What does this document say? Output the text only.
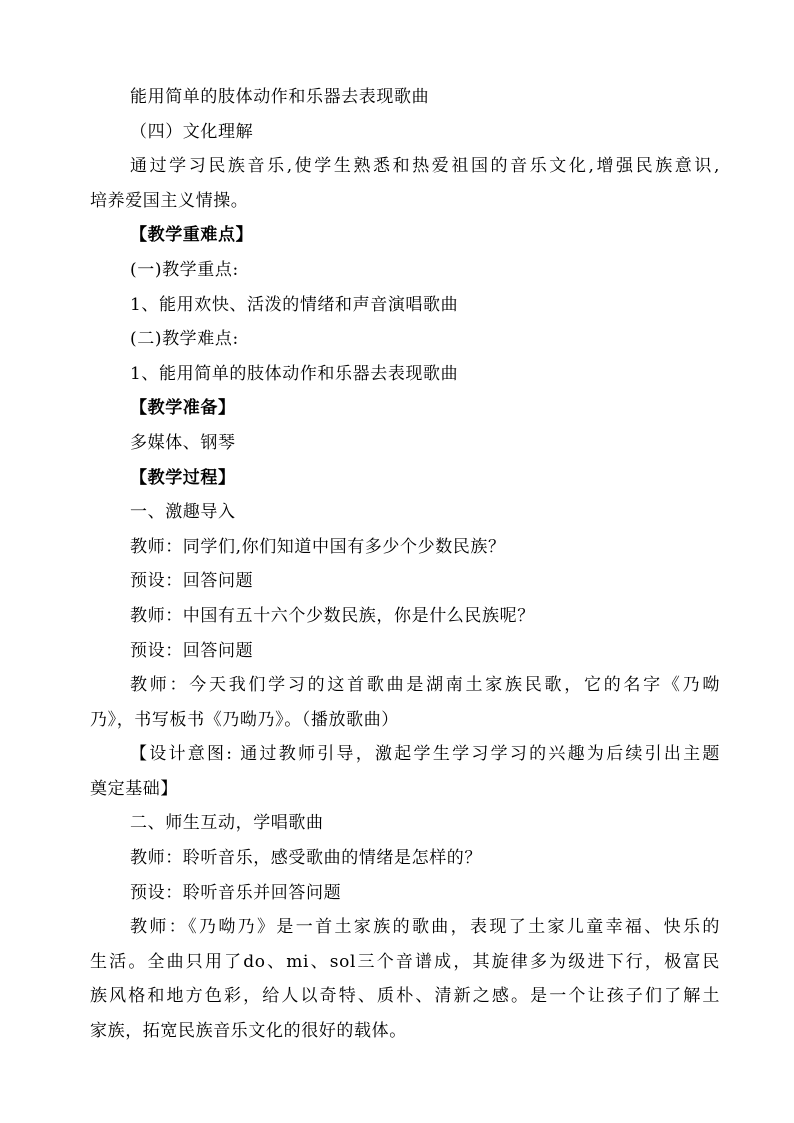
能用简单的肢体动作和乐器去表现歌曲
（四）文化理解
通过学习民族音乐,使学生熟悉和热爱祖国的音乐文化,增强民族意识,
培养爱国主义情操。
【教学重难点】
(一)教学重点:
1、能用欢快、活泼的情绪和声音演唱歌曲
(二)教学难点:
1、能用简单的肢体动作和乐器去表现歌曲
【教学准备】
多媒体、钢琴
【教学过程】
一、激趣导入
教师：同学们,你们知道中国有多少个少数民族？
预设：回答问题
教师：中国有五十六个少数民族，你是什么民族呢？
预设：回答问题
教师：今天我们学习的这首歌曲是湖南土家族民歌，它的名字《乃呦
乃》，书写板书《乃呦乃》。（播放歌曲）
【设计意图: 通过教师引导，激起学生学习学习的兴趣为后续引出主题
奠定基础】
二、师生互动，学唱歌曲
教师：聆听音乐，感受歌曲的情绪是怎样的？
预设：聆听音乐并回答问题
教师：《乃呦乃》是一首土家族的歌曲，表现了土家儿童幸福、快乐的
生活。全曲只用了do、mi、sol三个音谱成，其旋律多为级进下行，极富民
族风格和地方色彩，给人以奇特、质朴、清新之感。是一个让孩子们了解土
家族，拓宽民族音乐文化的很好的载体。
